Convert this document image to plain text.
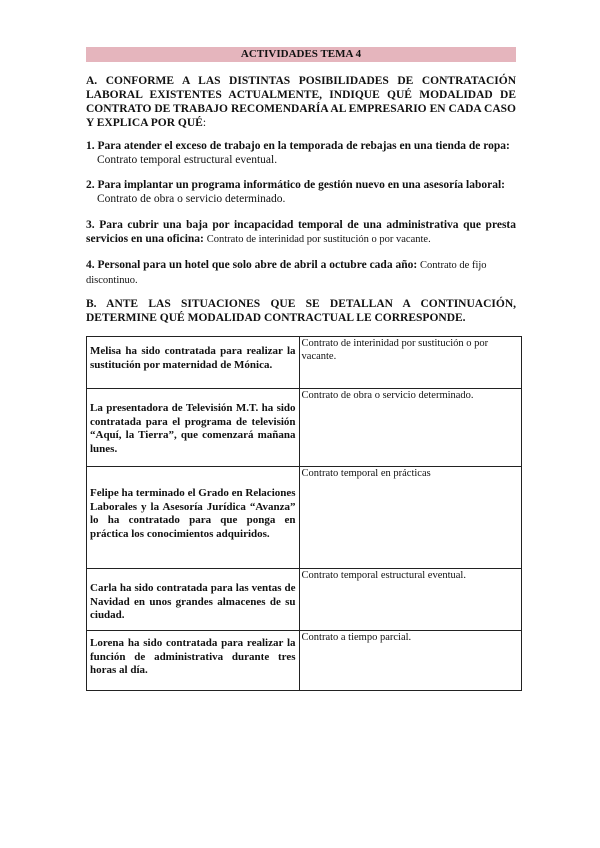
ACTIVIDADES TEMA 4
A. CONFORME A LAS DISTINTAS POSIBILIDADES DE CONTRATACIÓN LABORAL EXISTENTES ACTUALMENTE, INDIQUE QUÉ MODALIDAD DE CONTRATO DE TRABAJO RECOMENDARÍA AL EMPRESARIO EN CADA CASO Y EXPLICA POR QUÉ:
1. Para atender el exceso de trabajo en la temporada de rebajas en una tienda de ropa:
Contrato temporal estructural eventual.
2. Para implantar un programa informático de gestión nuevo en una asesoría laboral:
Contrato de obra o servicio determinado.
3. Para cubrir una baja por incapacidad temporal de una administrativa que presta servicios en una oficina: Contrato de interinidad por sustitución o por vacante.
4. Personal para un hotel que solo abre de abril a octubre cada año: Contrato de fijo discontinuo.
B. ANTE LAS SITUACIONES QUE SE DETALLAN A CONTINUACIÓN, DETERMINE QUÉ MODALIDAD CONTRACTUAL LE CORRESPONDE.
Melisa ha sido contratada para realizar la sustitución por maternidad de Mónica.	Contrato de interinidad por sustitución o por vacante.

La presentadora de Televisión M.T. ha sido contratada para el programa de televisión “Aquí, la Tierra”, que comenzará mañana lunes.	Contrato de obra o servicio determinado.

Felipe ha terminado el Grado en Relaciones Laborales y la Asesoría Jurídica “Avanza” lo ha contratado para que ponga en práctica los conocimientos adquiridos.	Contrato temporal en prácticas

Carla ha sido contratada para las ventas de Navidad en unos grandes almacenes de su ciudad.	Contrato temporal estructural eventual.

Lorena ha sido contratada para realizar la función de administrativa durante tres horas al día.	Contrato a tiempo parcial.
